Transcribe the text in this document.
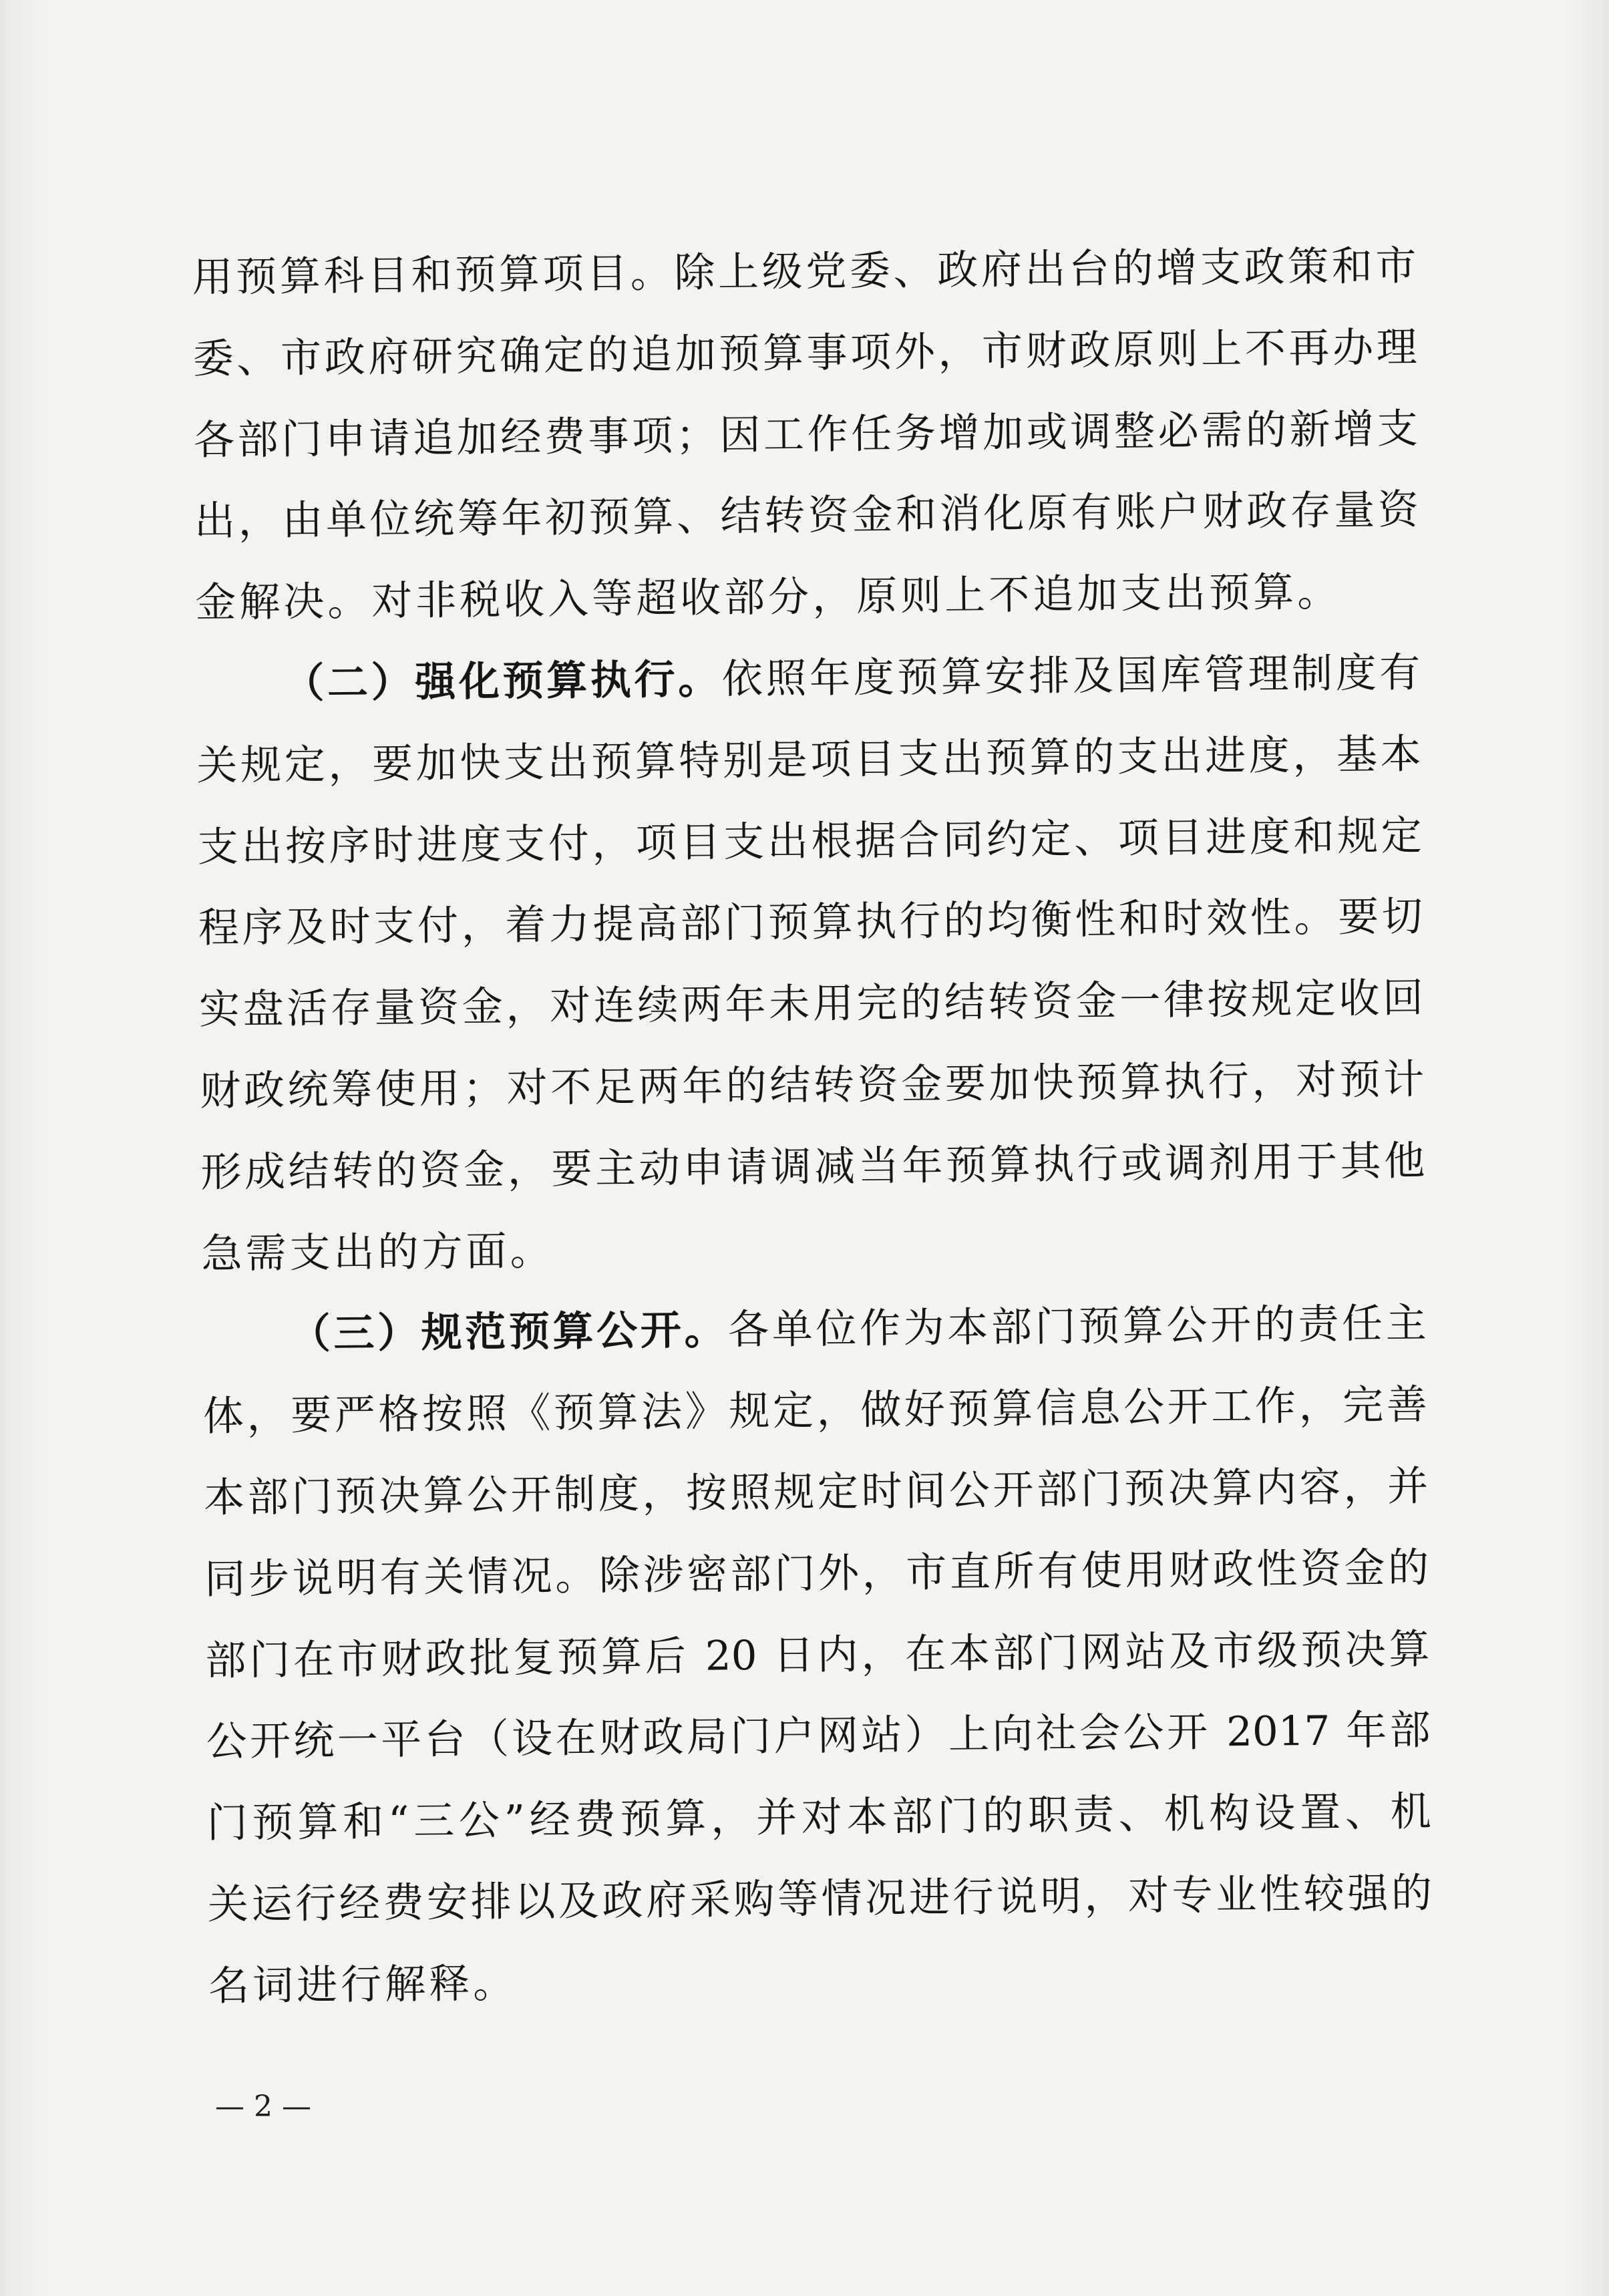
用预算科目和预算项目。除上级党委、政府出台的增支政策和市
委、市政府研究确定的追加预算事项外，市财政原则上不再办理
各部门申请追加经费事项；因工作任务增加或调整必需的新增支
出，由单位统筹年初预算、结转资金和消化原有账户财政存量资
金解决。对非税收入等超收部分，原则上不追加支出预算。
（二）强化预算执行。依照年度预算安排及国库管理制度有
关规定，要加快支出预算特别是项目支出预算的支出进度，基本
支出按序时进度支付，项目支出根据合同约定、项目进度和规定
程序及时支付，着力提高部门预算执行的均衡性和时效性。要切
实盘活存量资金，对连续两年未用完的结转资金一律按规定收回
财政统筹使用；对不足两年的结转资金要加快预算执行，对预计
形成结转的资金，要主动申请调减当年预算执行或调剂用于其他
急需支出的方面。
（三）规范预算公开。各单位作为本部门预算公开的责任主
体，要严格按照《预算法》规定，做好预算信息公开工作，完善
本部门预决算公开制度，按照规定时间公开部门预决算内容，并
同步说明有关情况。除涉密部门外，市直所有使用财政性资金的
部门在市财政批复预算后 20 日内，在本部门网站及市级预决算
公开统一平台（设在财政局门户网站）上向社会公开 2017 年部
门预算和“三公”经费预算，并对本部门的职责、机构设置、机
关运行经费安排以及政府采购等情况进行说明，对专业性较强的
名词进行解释。
— 2 —
